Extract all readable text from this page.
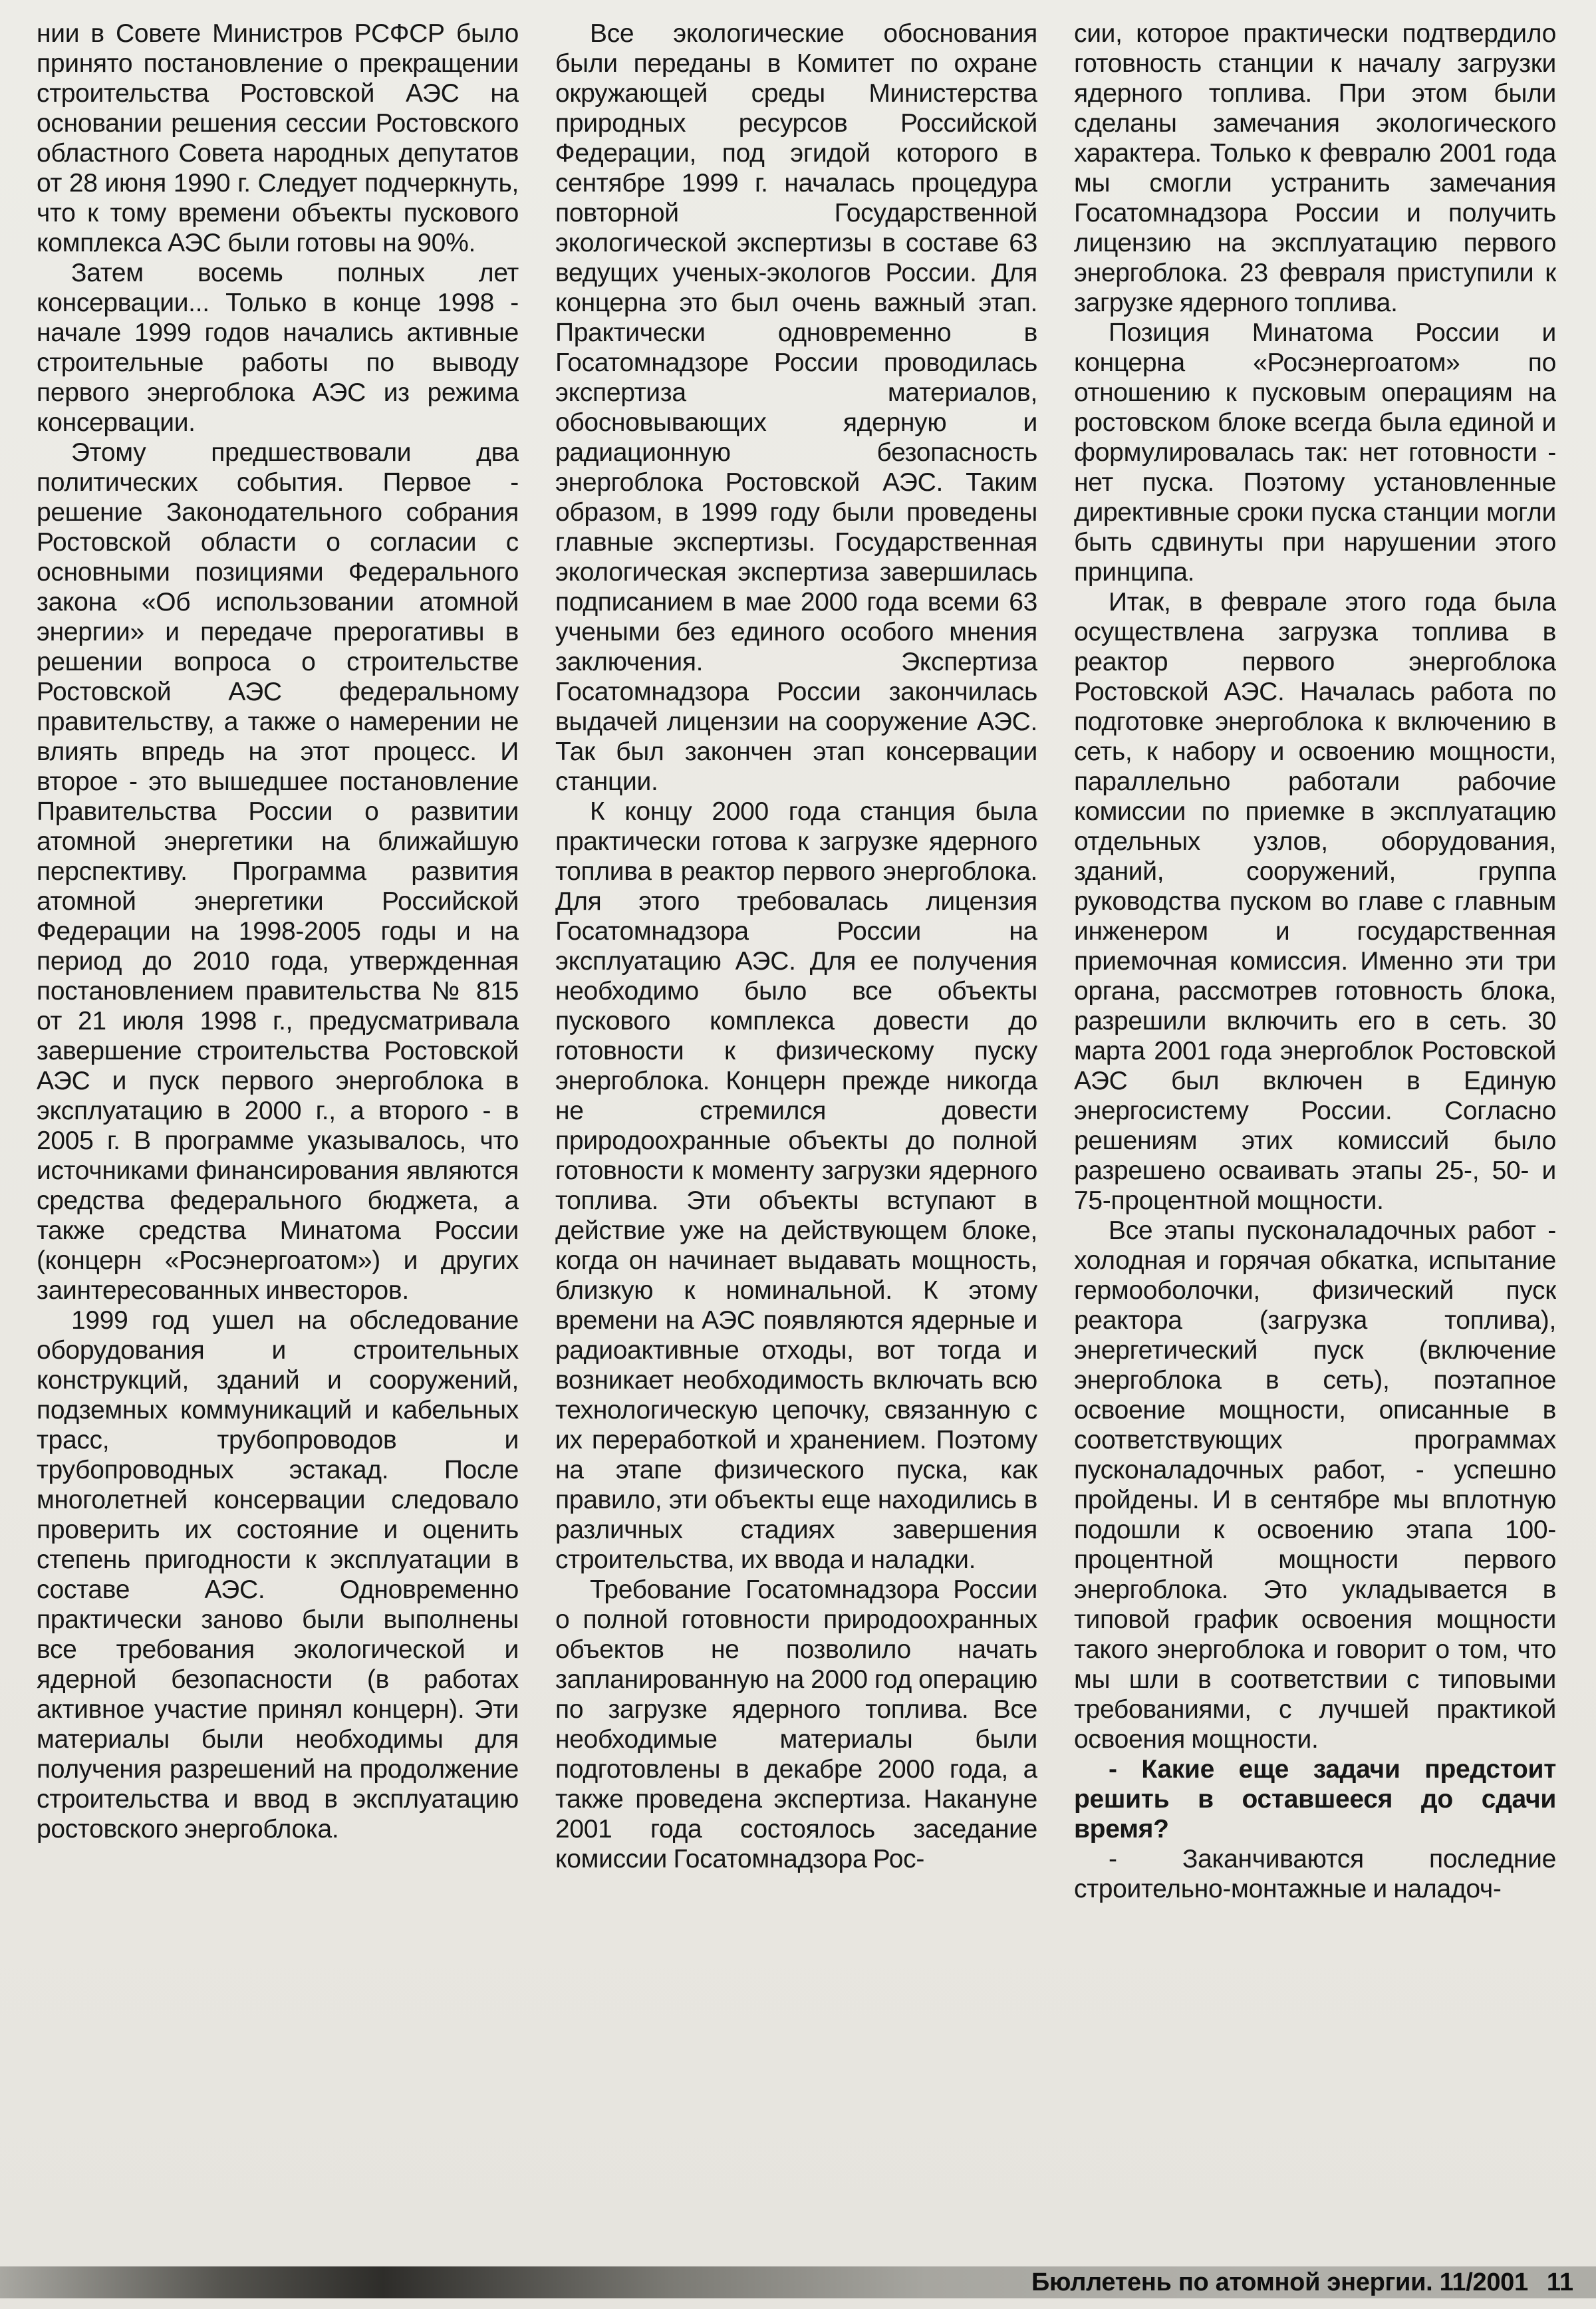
нии в Совете Министров РСФСР было принято постановление о прекращении строительства Ростовской АЭС на основании решения сессии Ростовского областного Совета народных депутатов от 28 июня 1990 г. Следует подчеркнуть, что к тому времени объекты пускового комплекса АЭС были готовы на 90%.

Затем восемь полных лет консервации... Только в конце 1998 - начале 1999 годов начались активные строительные работы по выводу первого энергоблока АЭС из режима консервации.

Этому предшествовали два политических события. Первое - решение Законодательного собрания Ростовской области о согласии с основными позициями Федерального закона «Об использовании атомной энергии» и передаче прерогативы в решении вопроса о строительстве Ростовской АЭС федеральному правительству, а также о намерении не влиять впредь на этот процесс. И второе - это вышедшее постановление Правительства России о развитии атомной энергетики на ближайшую перспективу. Программа развития атомной энергетики Российской Федерации на 1998-2005 годы и на период до 2010 года, утвержденная постановлением правительства № 815 от 21 июля 1998 г., предусматривала завершение строительства Ростовской АЭС и пуск первого энергоблока в эксплуатацию в 2000 г., а второго - в 2005 г. В программе указывалось, что источниками финансирования являются средства федерального бюджета, а также средства Минатома России (концерн «Росэнергоатом») и других заинтересованных инвесторов.

1999 год ушел на обследование оборудования и строительных конструкций, зданий и сооружений, подземных коммуникаций и кабельных трасс, трубопроводов и трубопроводных эстакад. После многолетней консервации следовало проверить их состояние и оценить степень пригодности к эксплуатации в составе АЭС. Одновременно практически заново были выполнены все требования экологической и ядерной безопасности (в работах активное участие принял концерн). Эти материалы были необходимы для получения разрешений на продолжение строительства и ввод в эксплуатацию ростовского энергоблока.

Все экологические обоснования были переданы в Комитет по охране окружающей среды Министерства природных ресурсов Российской Федерации, под эгидой которого в сентябре 1999 г. началась процедура повторной Государственной экологической экспертизы в составе 63 ведущих ученых-экологов России. Для концерна это был очень важный этап. Практически одновременно в Госатомнадзоре России проводилась экспертиза материалов, обосновывающих ядерную и радиационную безопасность энергоблока Ростовской АЭС. Таким образом, в 1999 году были проведены главные экспертизы. Государственная экологическая экспертиза завершилась подписанием в мае 2000 года всеми 63 учеными без единого особого мнения заключения. Экспертиза Госатомнадзора России закончилась выдачей лицензии на сооружение АЭС. Так был закончен этап консервации станции.

К концу 2000 года станция была практически готова к загрузке ядерного топлива в реактор первого энергоблока. Для этого требовалась лицензия Госатомнадзора России на эксплуатацию АЭС. Для ее получения необходимо было все объекты пускового комплекса довести до готовности к физическому пуску энергоблока. Концерн прежде никогда не стремился довести природоохранные объекты до полной готовности к моменту загрузки ядерного топлива. Эти объекты вступают в действие уже на действующем блоке, когда он начинает выдавать мощность, близкую к номинальной. К этому времени на АЭС появляются ядерные и радиоактивные отходы, вот тогда и возникает необходимость включать всю технологическую цепочку, связанную с их переработкой и хранением. Поэтому на этапе физического пуска, как правило, эти объекты еще находились в различных стадиях завершения строительства, их ввода и наладки.

Требование Госатомнадзора России о полной готовности природоохранных объектов не позволило начать запланированную на 2000 год операцию по загрузке ядерного топлива. Все необходимые материалы были подготовлены в декабре 2000 года, а также проведена экспертиза. Накануне 2001 года состоялось заседание комиссии Госатомнадзора Рос-

сии, которое практически подтвердило готовность станции к началу загрузки ядерного топлива. При этом были сделаны замечания экологического характера. Только к февралю 2001 года мы смогли устранить замечания Госатомнадзора России и получить лицензию на эксплуатацию первого энергоблока. 23 февраля приступили к загрузке ядерного топлива.

Позиция Минатома России и концерна «Росэнергоатом» по отношению к пусковым операциям на ростовском блоке всегда была единой и формулировалась так: нет готовности - нет пуска. Поэтому установленные директивные сроки пуска станции могли быть сдвинуты при нарушении этого принципа.

Итак, в феврале этого года была осуществлена загрузка топлива в реактор первого энергоблока Ростовской АЭС. Началась работа по подготовке энергоблока к включению в сеть, к набору и освоению мощности, параллельно работали рабочие комиссии по приемке в эксплуатацию отдельных узлов, оборудования, зданий, сооружений, группа руководства пуском во главе с главным инженером и государственная приемочная комиссия. Именно эти три органа, рассмотрев готовность блока, разрешили включить его в сеть. 30 марта 2001 года энергоблок Ростовской АЭС был включен в Единую энергосистему России. Согласно решениям этих комиссий было разрешено осваивать этапы 25-, 50- и 75-процентной мощности.

Все этапы пусконаладочных работ - холодная и горячая обкатка, испытание гермооболочки, физический пуск реактора (загрузка топлива), энергетический пуск (включение энергоблока в сеть), поэтапное освоение мощности, описанные в соответствующих программах пусконаладочных работ, - успешно пройдены. И в сентябре мы вплотную подошли к освоению этапа 100-процентной мощности первого энергоблока. Это укладывается в типовой график освоения мощности такого энергоблока и говорит о том, что мы шли в соответствии с типовыми требованиями, с лучшей практикой освоения мощности.

- Какие еще задачи предстоит решить в оставшееся до сдачи время?

- Заканчиваются последние строительно-монтажные и наладоч-

Бюллетень по атомной энергии. 11/2001 11
